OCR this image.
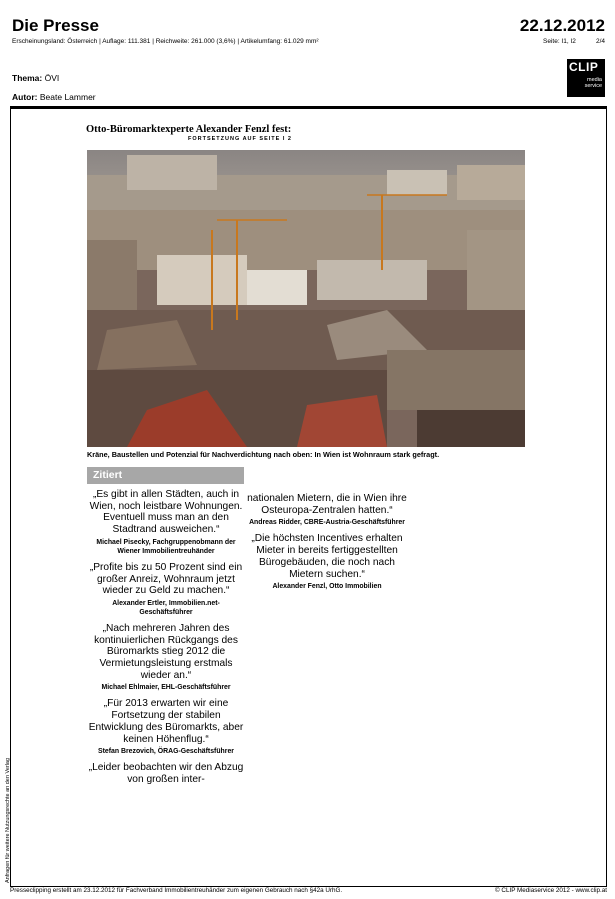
Die Presse	22.12.2012
Erscheinungsland: Österreich | Auflage: 111.381 | Reichweite: 261.000 (3,6%) | Artikelumfang: 61.029 mm²	Seite: I1, I2	2/4
Thema: ÖVI
Autor: Beate Lammer
CLIP
media
service
Otto-Büromarktexperte Alexander Fenzl fest:
FORTSETZUNG AUF SEITE I 2
Kräne, Baustellen und Potenzial für Nachverdichtung nach oben: In Wien ist Wohnraum stark gefragt.
Zitiert
„Es gibt in allen Städten, auch in Wien, noch leistbare Wohnungen. Eventuell muss man an den Stadtrand ausweichen.“
Michael Pisecky, Fachgruppenobmann der Wiener Immobilientreuhänder
„Profite bis zu 50 Prozent sind ein großer Anreiz, Wohnraum jetzt wieder zu Geld zu machen.“
Alexander Ertler, Immobilien.net-Geschäftsführer
„Nach mehreren Jahren des kontinuierlichen Rückgangs des Büromarkts stieg 2012 die Vermietungsleistung erstmals wieder an.“
Michael Ehlmaier, EHL-Geschäftsführer
„Für 2013 erwarten wir eine Fortsetzung der stabilen Entwicklung des Büromarkts, aber keinen Höhenflug.“
Stefan Brezovich, ÖRAG-Geschäftsführer
„Leider beobachten wir den Abzug von großen inter-
nationalen Mietern, die in Wien ihre Osteuropa-Zentralen hatten.“
Andreas Ridder, CBRE-Austria-Geschäftsführer
„Die höchsten Incentives erhalten Mieter in bereits fertiggestellten Bürogebäuden, die noch nach Mietern suchen.“
Alexander Fenzl, Otto Immobilien
Anfragen für weitere Nutzungsrechte an den Verlag
Presseclipping erstellt am 23.12.2012 für Fachverband Immobilientreuhänder zum eigenen Gebrauch nach §42a UrhG.	© CLIP Mediaservice 2012 - www.clip.at
